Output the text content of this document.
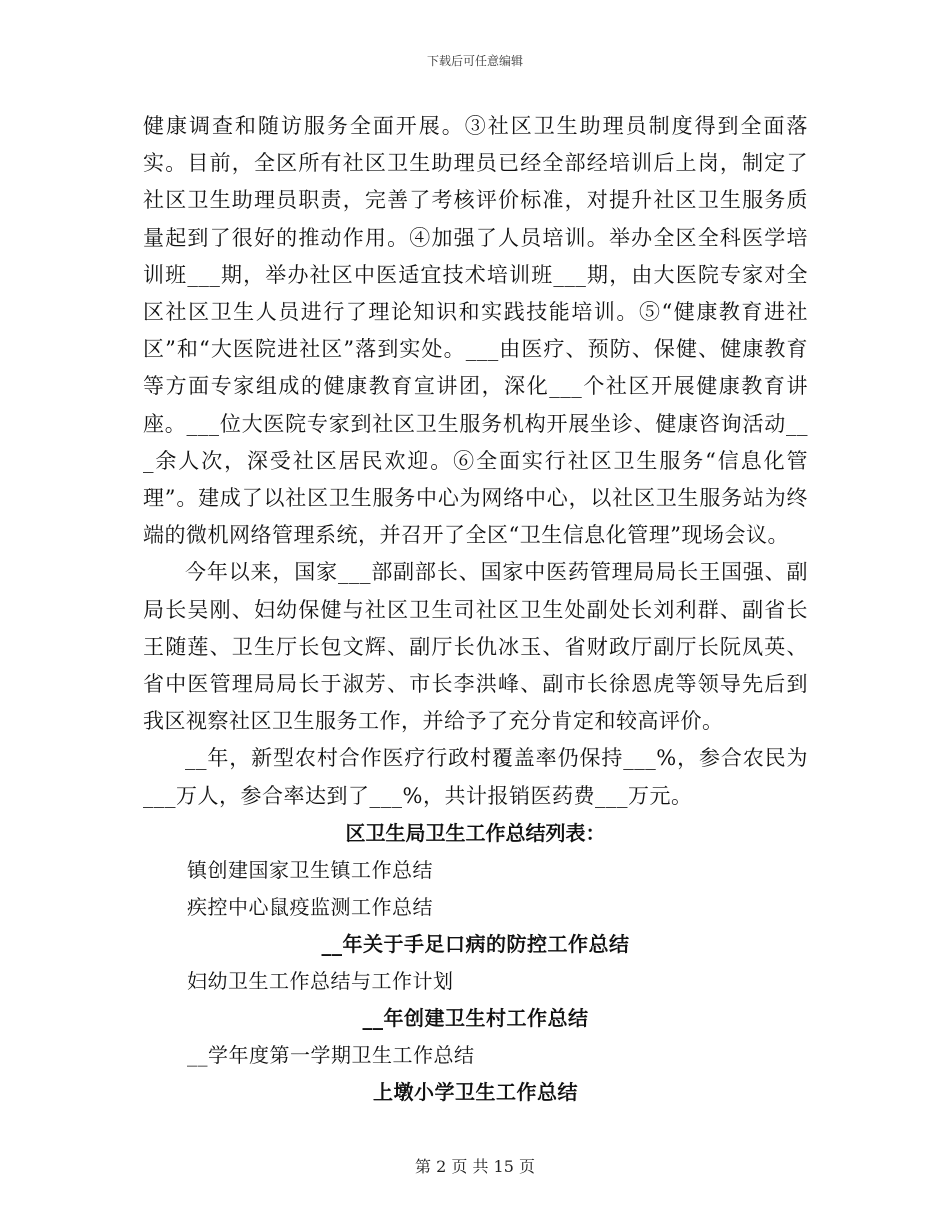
下载后可任意编辑

健康调查和随访服务全面开展。③社区卫生助理员制度得到全面落实。目前，全区所有社区卫生助理员已经全部经培训后上岗，制定了社区卫生助理员职责，完善了考核评价标准，对提升社区卫生服务质量起到了很好的推动作用。④加强了人员培训。举办全区全科医学培训班___期，举办社区中医适宜技术培训班___期，由大医院专家对全区社区卫生人员进行了理论知识和实践技能培训。⑤“健康教育进社区”和“大医院进社区”落到实处。___由医疗、预防、保健、健康教育等方面专家组成的健康教育宣讲团，深化___个社区开展健康教育讲座。___位大医院专家到社区卫生服务机构开展坐诊、健康咨询活动___余人次，深受社区居民欢迎。⑥全面实行社区卫生服务“信息化管理”。建成了以社区卫生服务中心为网络中心，以社区卫生服务站为终端的微机网络管理系统，并召开了全区“卫生信息化管理”现场会议。

今年以来，国家___部副部长、国家中医药管理局局长王国强、副局长吴刚、妇幼保健与社区卫生司社区卫生处副处长刘利群、副省长王随莲、卫生厅长包文辉、副厅长仇冰玉、省财政厅副厅长阮凤英、省中医管理局局长于淑芳、市长李洪峰、副市长徐恩虎等领导先后到我区视察社区卫生服务工作，并给予了充分肯定和较高评价。

__年，新型农村合作医疗行政村覆盖率仍保持___%，参合农民为___万人，参合率达到了___%，共计报销医药费___万元。

区卫生局卫生工作总结列表：

镇创建国家卫生镇工作总结

疾控中心鼠疫监测工作总结

__年关于手足口病的防控工作总结

妇幼卫生工作总结与工作计划

__年创建卫生村工作总结

__学年度第一学期卫生工作总结

上墩小学卫生工作总结

第 2 页 共 15 页
